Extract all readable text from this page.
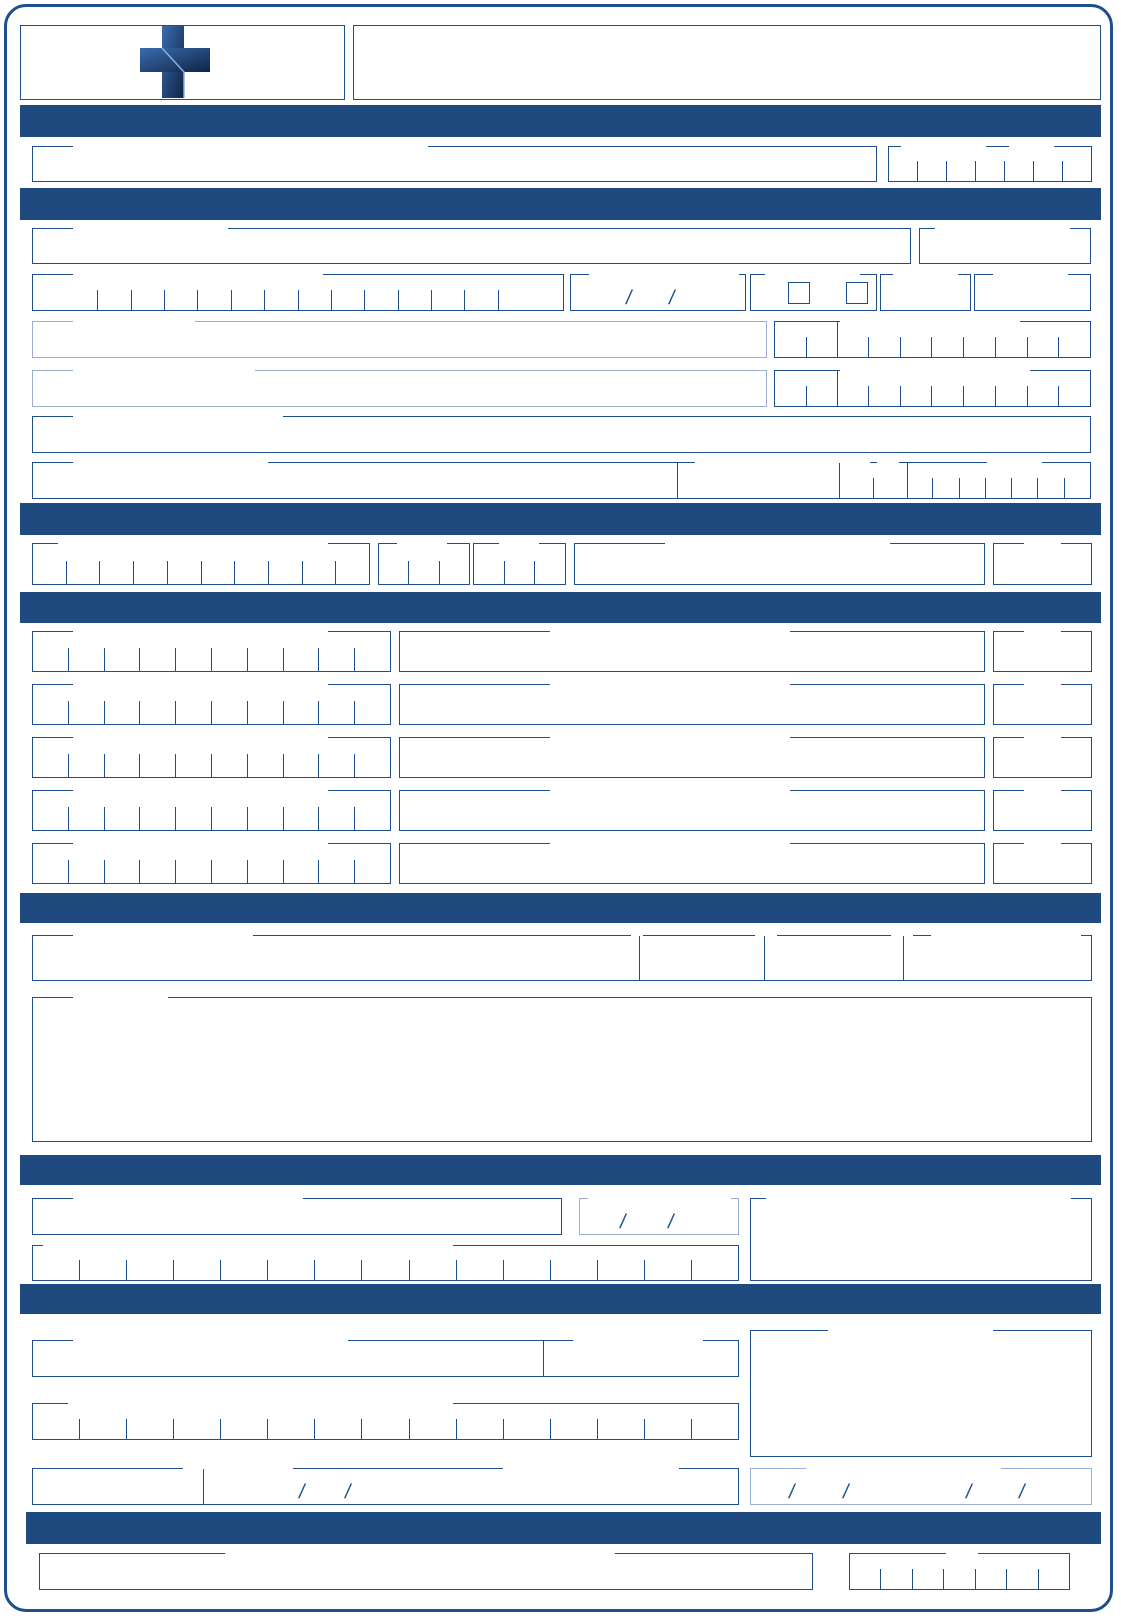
/ /
/ /
/ /	/ /	/ /
